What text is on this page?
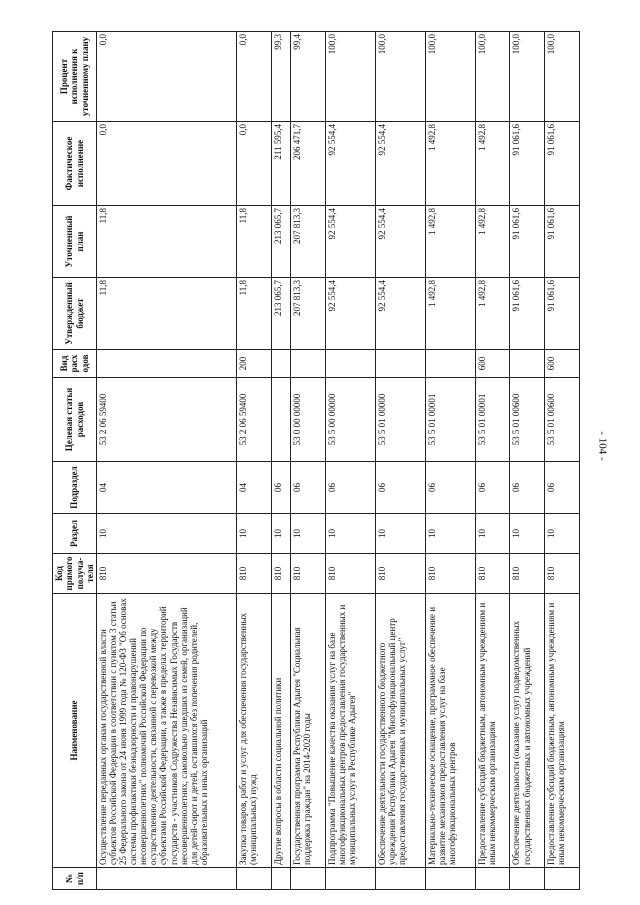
- 104 -
№ п/п	Наименование	Код прямого получа-теля	Раздел	Подраздел	Целевая статья расходов	Вид расх одов	Утвержденный бюджет	Уточненный план	Фактическое исполнение	Процент исполнения к уточненному плану
	Осуществление переданных органам государственной власти субъектов Российской Федерации в соответствии с пунктом 3 статьи 25 Федерального закона от 24 июня 1999 года № 120-ФЗ "Об основах системы профилактики безнадзорности и правонарушений несовершеннолетних" полномочий Российской Федерации по осуществлению деятельности, связанной с перевозкой между субъектами Российской Федерации, а также в пределах территорий государств - участников Содружества Независимых Государств несовершеннолетних, самовольно ушедших из семей, организаций для детей-сирот и детей, оставшихся без попечения родителей, образовательных и иных организаций	810	10	04	53 2 06 59400		11,8	11,8	0,0	0,0
	Закупка товаров, работ и услуг для обеспечения государственных (муниципальных) нужд	810	10	04	53 2 06 59400	200	11,8	11,8	0,0	0,0
	Другие вопросы в области социальной политики	810	10	06			213 065,7	213 065,7	211 595,4	99,3
	Государственная программа Республики Адыгея "Социальная поддержка граждан" на 2014-2020 годы	810	10	06	53 0 00 00000		207 813,3	207 813,3	206 471,7	99,4
	Подпрограмма "Повышение качества оказания услуг на базе многофункциональных центров предоставления государственных и муниципальных услуг в Республике Адыгея"	810	10	06	53 5 00 00000		92 554,4	92 554,4	92 554,4	100,0
	Обеспечение деятельности государственного бюджетного учреждения Республики Адыгея "Многофункциональный центр предоставления государственных и муниципальных услуг"	810	10	06	53 5 01 00000		92 554,4	92 554,4	92 554,4	100,0
	Материально-техническое оснащение, программное обеспечение и развитие механизмов предоставления услуг на базе многофункциональных центров	810	10	06	53 5 01 00001		1 492,8	1 492,8	1 492,8	100,0
	Предоставление субсидий бюджетным, автономным учреждениям и иным некоммерческим организациям	810	10	06	53 5 01 00001	600	1 492,8	1 492,8	1 492,8	100,0
	Обеспечение деятельности (оказание услуг) подведомственных государственных бюджетных и автономных учреждений	810	10	06	53 5 01 00600		91 061,6	91 061,6	91 061,6	100,0
	Предоставление субсидий бюджетным, автономным учреждениям и иным некоммерческим организациям	810	10	06	53 5 01 00600	600	91 061,6	91 061,6	91 061,6	100,0
